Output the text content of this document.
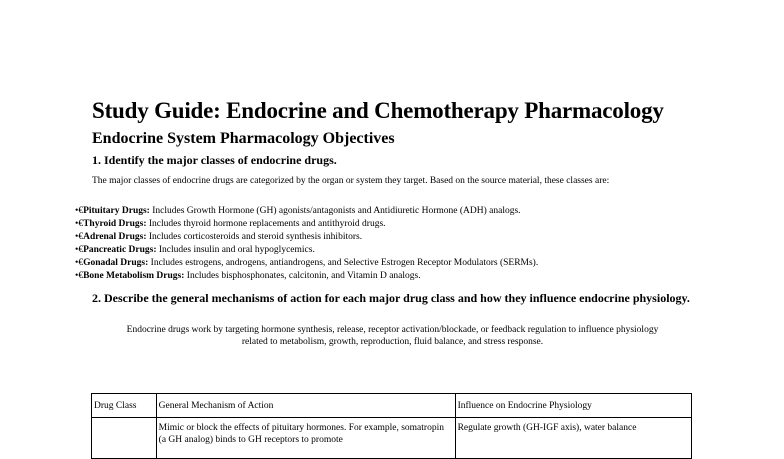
Study Guide: Endocrine and Chemotherapy Pharmacology
Endocrine System Pharmacology Objectives
1. Identify the major classes of endocrine drugs.
The major classes of endocrine drugs are categorized by the organ or system they target. Based on the source material, these classes are:
•€Pituitary Drugs: Includes Growth Hormone (GH) agonists/antagonists and Antidiuretic Hormone (ADH) analogs.
•€Thyroid Drugs: Includes thyroid hormone replacements and antithyroid drugs.
•€Adrenal Drugs: Includes corticosteroids and steroid synthesis inhibitors.
•€Pancreatic Drugs: Includes insulin and oral hypoglycemics.
•€Gonadal Drugs: Includes estrogens, androgens, antiandrogens, and Selective Estrogen Receptor Modulators (SERMs).
•€Bone Metabolism Drugs: Includes bisphosphonates, calcitonin, and Vitamin D analogs.
2. Describe the general mechanisms of action for each major drug class and how they influence endocrine physiology.
Endocrine drugs work by targeting hormone synthesis, release, receptor activation/blockade, or feedback regulation to influence physiology related to metabolism, growth, reproduction, fluid balance, and stress response.
Drug Class	General Mechanism of Action	Influence on Endocrine Physiology
	Mimic or block the effects of pituitary hormones. For example, somatropin (a GH analog) binds to GH receptors to promote	Regulate growth (GH-IGF axis), water balance
